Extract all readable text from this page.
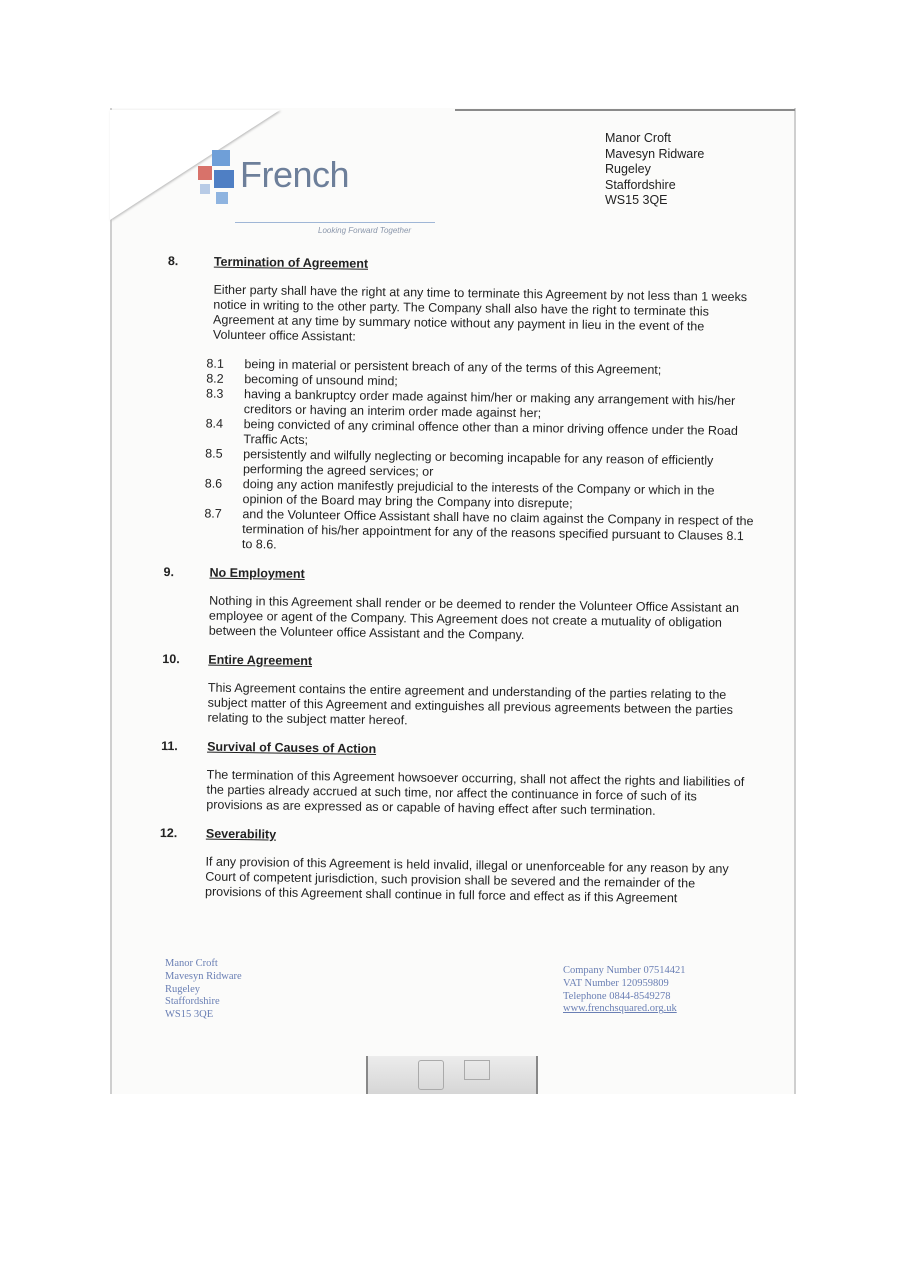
French
Looking Forward Together
Manor Croft
Mavesyn Ridware
Rugeley
Staffordshire
WS15 3QE
8.	Termination of Agreement
Either party shall have the right at any time to terminate this Agreement by not less than 1 weeks notice in writing to the other party. The Company shall also have the right to terminate this Agreement at any time by summary notice without any payment in lieu in the event of the Volunteer office Assistant:
8.1	being in material or persistent breach of any of the terms of this Agreement;
8.2	becoming of unsound mind;
8.3	having a bankruptcy order made against him/her or making any arrangement with his/her creditors or having an interim order made against her;
8.4	being convicted of any criminal offence other than a minor driving offence under the Road Traffic Acts;
8.5	persistently and wilfully neglecting or becoming incapable for any reason of efficiently performing the agreed services; or
8.6	doing any action manifestly prejudicial to the interests of the Company or which in the opinion of the Board may bring the Company into disrepute;
8.7	and the Volunteer Office Assistant shall have no claim against the Company in respect of the termination of his/her appointment for any of the reasons specified pursuant to Clauses 8.1 to 8.6.
9.	No Employment
Nothing in this Agreement shall render or be deemed to render the Volunteer Office Assistant an employee or agent of the Company. This Agreement does not create a mutuality of obligation between the Volunteer office Assistant and the Company.
10.	Entire Agreement
This Agreement contains the entire agreement and understanding of the parties relating to the subject matter of this Agreement and extinguishes all previous agreements between the parties relating to the subject matter hereof.
11.	Survival of Causes of Action
The termination of this Agreement howsoever occurring, shall not affect the rights and liabilities of the parties already accrued at such time, nor affect the continuance in force of such of its provisions as are expressed as or capable of having effect after such termination.
12.	Severability
If any provision of this Agreement is held invalid, illegal or unenforceable for any reason by any Court of competent jurisdiction, such provision shall be severed and the remainder of the provisions of this Agreement shall continue in full force and effect as if this Agreement
Manor Croft
Mavesyn Ridware
Rugeley
Staffordshire
WS15 3QE
Company Number 07514421
VAT Number 120959809
Telephone 0844-8549278
www.frenchsquared.org.uk
